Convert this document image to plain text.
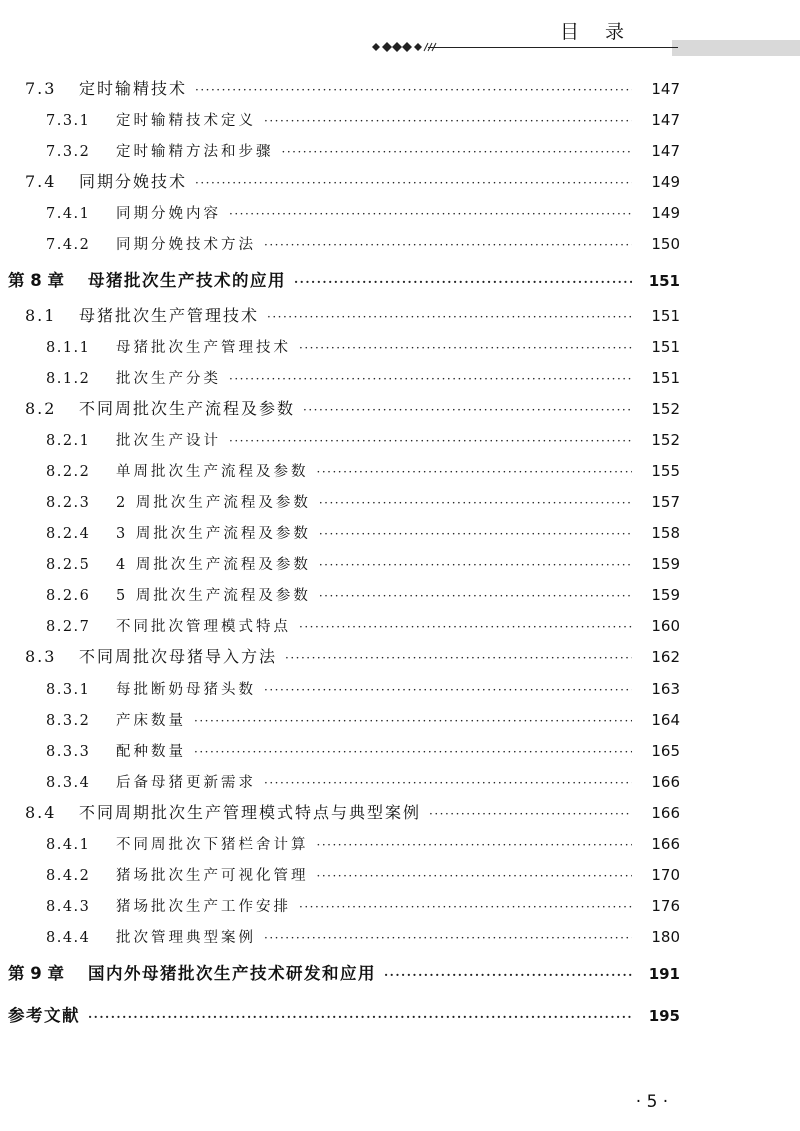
目录
7.3	定时输精技术 ·····	147
7.3.1	定时输精技术定义 ·····	147
7.3.2	定时输精方法和步骤 ·····	147
7.4	同期分娩技术 ·····	149
7.4.1	同期分娩内容 ·····	149
7.4.2	同期分娩技术方法 ·····	150
第 8 章	母猪批次生产技术的应用 ·····	151
8.1	母猪批次生产管理技术 ·····	151
8.1.1	母猪批次生产管理技术 ·····	151
8.1.2	批次生产分类 ·····	151
8.2	不同周批次生产流程及参数 ·····	152
8.2.1	批次生产设计 ·····	152
8.2.2	单周批次生产流程及参数 ·····	155
8.2.3	2 周批次生产流程及参数 ·····	157
8.2.4	3 周批次生产流程及参数 ·····	158
8.2.5	4 周批次生产流程及参数 ·····	159
8.2.6	5 周批次生产流程及参数 ·····	159
8.2.7	不同批次管理模式特点 ·····	160
8.3	不同周批次母猪导入方法 ·····	162
8.3.1	每批断奶母猪头数 ·····	163
8.3.2	产床数量 ·····	164
8.3.3	配种数量 ·····	165
8.3.4	后备母猪更新需求 ·····	166
8.4	不同周期批次生产管理模式特点与典型案例 ·····	166
8.4.1	不同周批次下猪栏舍计算 ·····	166
8.4.2	猪场批次生产可视化管理 ·····	170
8.4.3	猪场批次生产工作安排 ·····	176
8.4.4	批次管理典型案例 ·····	180
第 9 章	国内外母猪批次生产技术研发和应用 ·····	191
参考文献 ·····	195
· 5 ·
